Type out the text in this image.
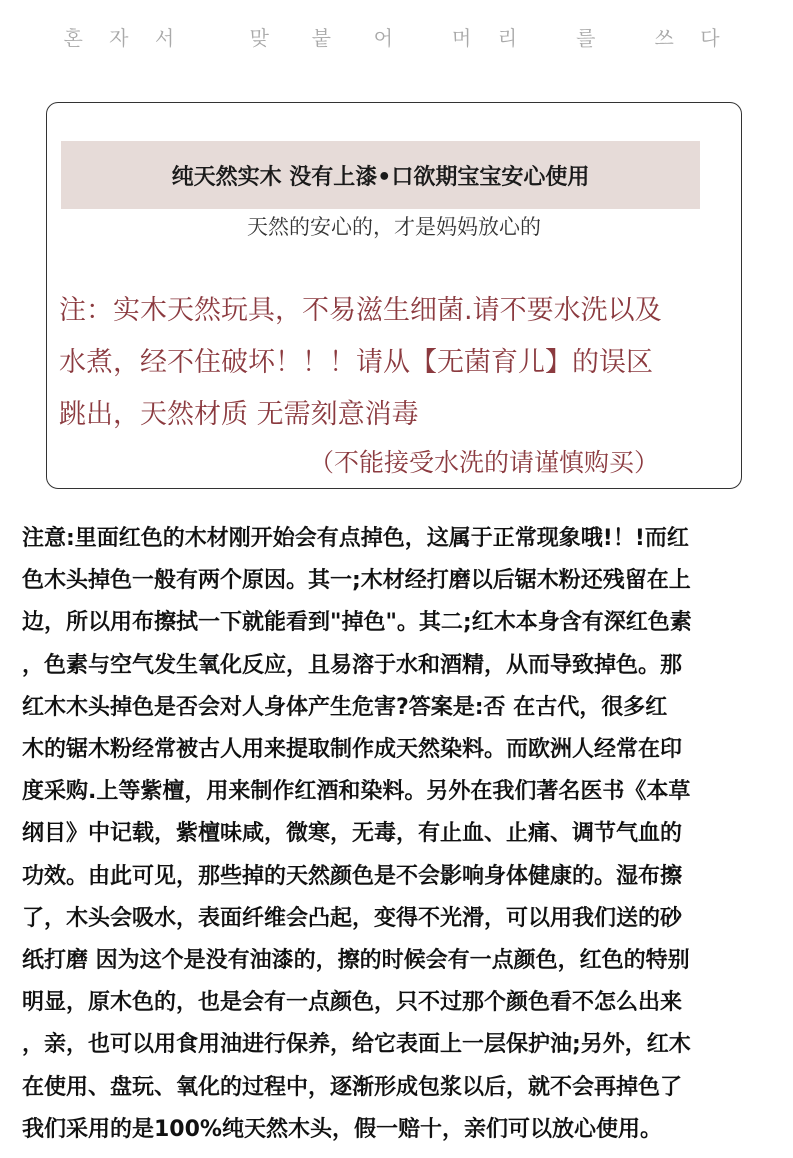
혼 자 서    맞  붙  어   머 리   를   쓰 다
纯天然实木 没有上漆•口欲期宝宝安心使用
天然的安心的，才是妈妈放心的
注：实木天然玩具，不易滋生细菌.请不要水洗以及
水煮，经不住破坏！！！请从【无菌育儿】的误区
跳出，天然材质 无需刻意消毒
（不能接受水洗的请谨慎购买）
注意:里面红色的木材刚开始会有点掉色，这属于正常现象哦!！!而红
色木头掉色一般有两个原因。其一;木材经打磨以后锯木粉还残留在上
边，所以用布擦拭一下就能看到"掉色"。其二;红木本身含有深红色素
，色素与空气发生氧化反应，且易溶于水和酒精，从而导致掉色。那
红木木头掉色是否会对人身体产生危害?答案是:否 在古代，很多红
木的锯木粉经常被古人用来提取制作成天然染料。而欧洲人经常在印
度采购.上等紫檀，用来制作红酒和染料。另外在我们著名医书《本草
纲目》中记载，紫檀味咸，微寒，无毒，有止血、止痛、调节气血的
功效。由此可见，那些掉的天然颜色是不会影响身体健康的。湿布擦
了，木头会吸水，表面纤维会凸起，变得不光滑，可以用我们送的砂
纸打磨 因为这个是没有油漆的，擦的时候会有一点颜色，红色的特别
明显，原木色的，也是会有一点颜色，只不过那个颜色看不怎么出来
，亲，也可以用食用油进行保养，给它表面上一层保护油;另外，红木
在使用、盘玩、氧化的过程中，逐渐形成包浆以后，就不会再掉色了
我们采用的是100%纯天然木头，假一赔十，亲们可以放心使用。
